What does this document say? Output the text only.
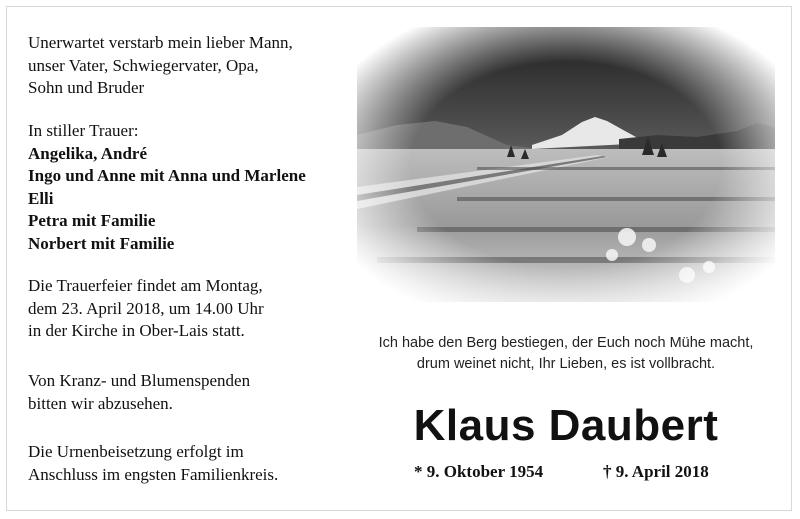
Unerwartet verstarb mein lieber Mann,
unser Vater, Schwiegervater, Opa,
Sohn und Bruder

In stiller Trauer:
Angelika, André
Ingo und Anne mit Anna und Marlene
Elli
Petra mit Familie
Norbert mit Familie

Die Trauerfeier findet am Montag,
dem 23. April 2018, um 14.00 Uhr
in der Kirche in Ober-Lais statt.

Von Kranz- und Blumenspenden
bitten wir abzusehen.

Die Urnenbeisetzung erfolgt im
Anschluss im engsten Familienkreis.

Ich habe den Berg bestiegen, der Euch noch Mühe macht,
drum weinet nicht, Ihr Lieben, es ist vollbracht.
Klaus Daubert
* 9. Oktober 1954	† 9. April 2018
